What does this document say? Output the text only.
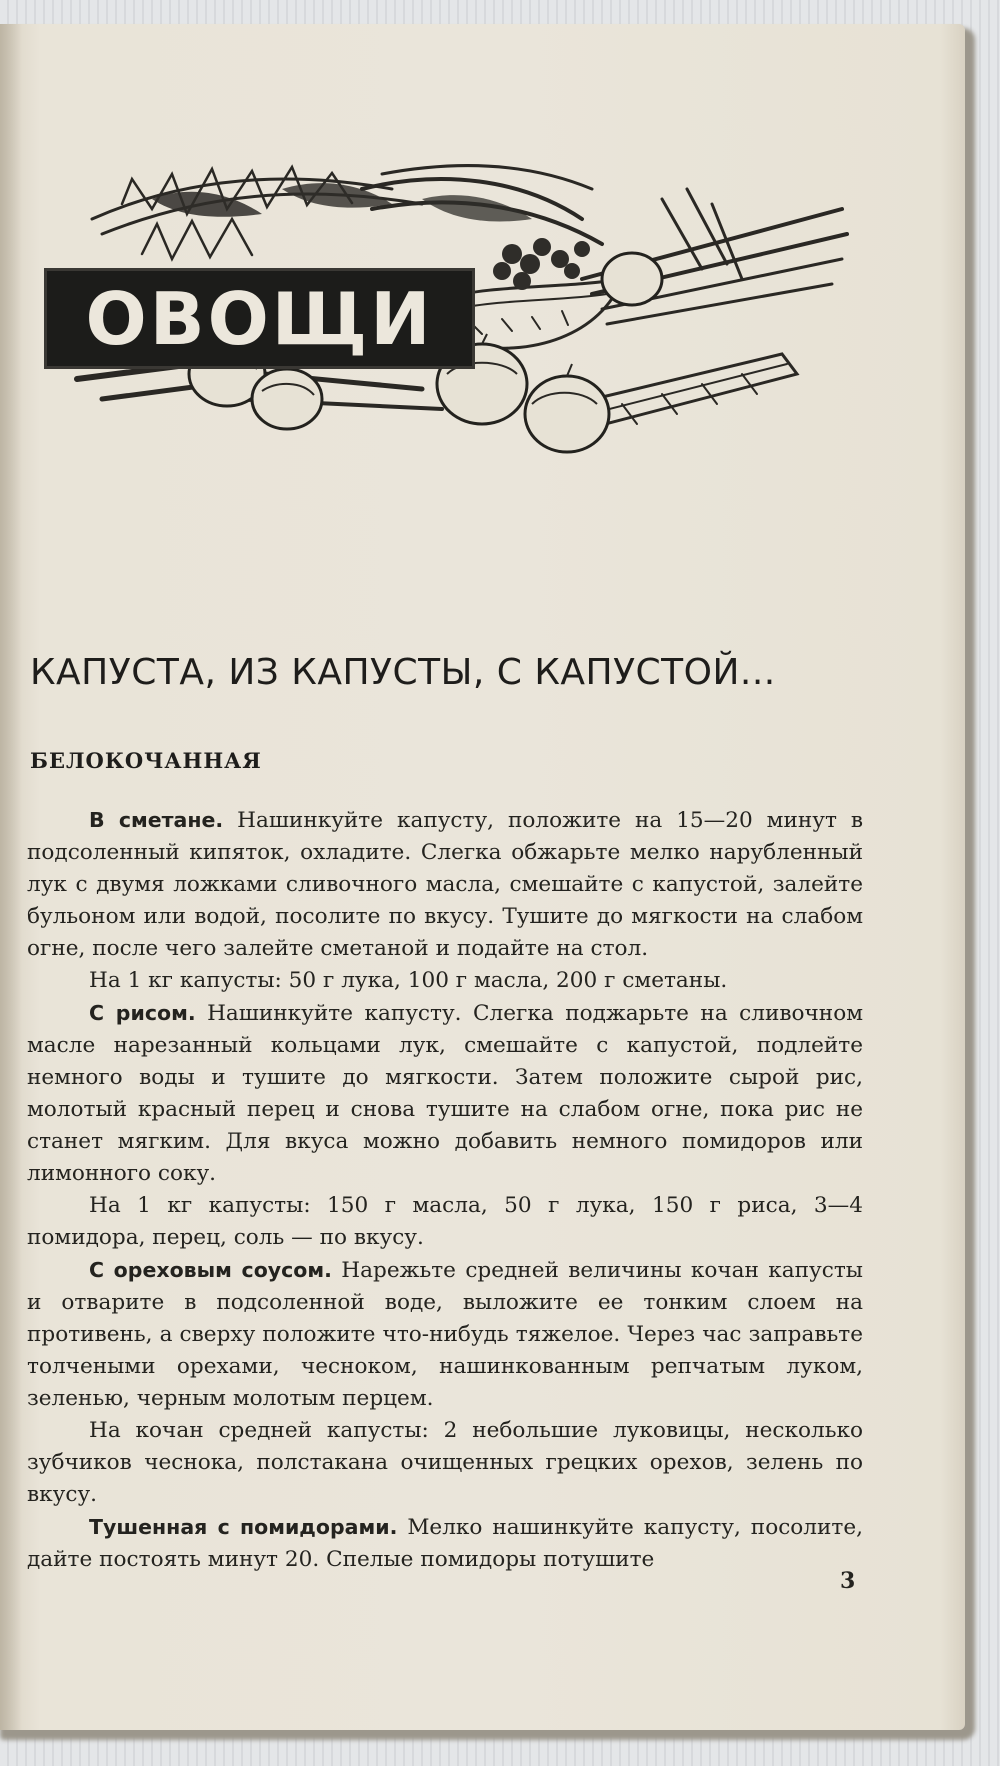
ОВОЩИ
КАПУСТА, ИЗ КАПУСТЫ, С КАПУСТОЙ...
БЕЛОКОЧАННАЯ

В сметане. Нашинкуйте капусту, положите на 15—20 минут в подсоленный кипяток, охладите. Слегка обжарьте мелко нарубленный лук с двумя ложками сливочного масла, смешайте с капустой, залейте бульоном или водой, посолите по вкусу. Тушите до мягкости на слабом огне, после чего залейте сметаной и подайте на стол.

На 1 кг капусты: 50 г лука, 100 г масла, 200 г сметаны.

С рисом. Нашинкуйте капусту. Слегка поджарьте на сливочном масле нарезанный кольцами лук, смешайте с капустой, подлейте немного воды и тушите до мягкости. Затем положите сырой рис, молотый красный перец и снова тушите на слабом огне, пока рис не станет мягким. Для вкуса можно добавить немного помидоров или лимонного соку.

На 1 кг капусты: 150 г масла, 50 г лука, 150 г риса, 3—4 помидора, перец, соль — по вкусу.

С ореховым соусом. Нарежьте средней величины кочан капусты и отварите в подсоленной воде, выложите ее тонким слоем на противень, а сверху положите что-нибудь тяжелое. Через час заправьте толчеными орехами, чесноком, нашинкованным репчатым луком, зеленью, черным молотым перцем.

На кочан средней капусты: 2 небольшие луковицы, несколько зубчиков чеснока, полстакана очищенных грецких орехов, зелень по вкусу.

Тушенная с помидорами. Мелко нашинкуйте капусту, посолите, дайте постоять минут 20. Спелые помидоры потушите

3
